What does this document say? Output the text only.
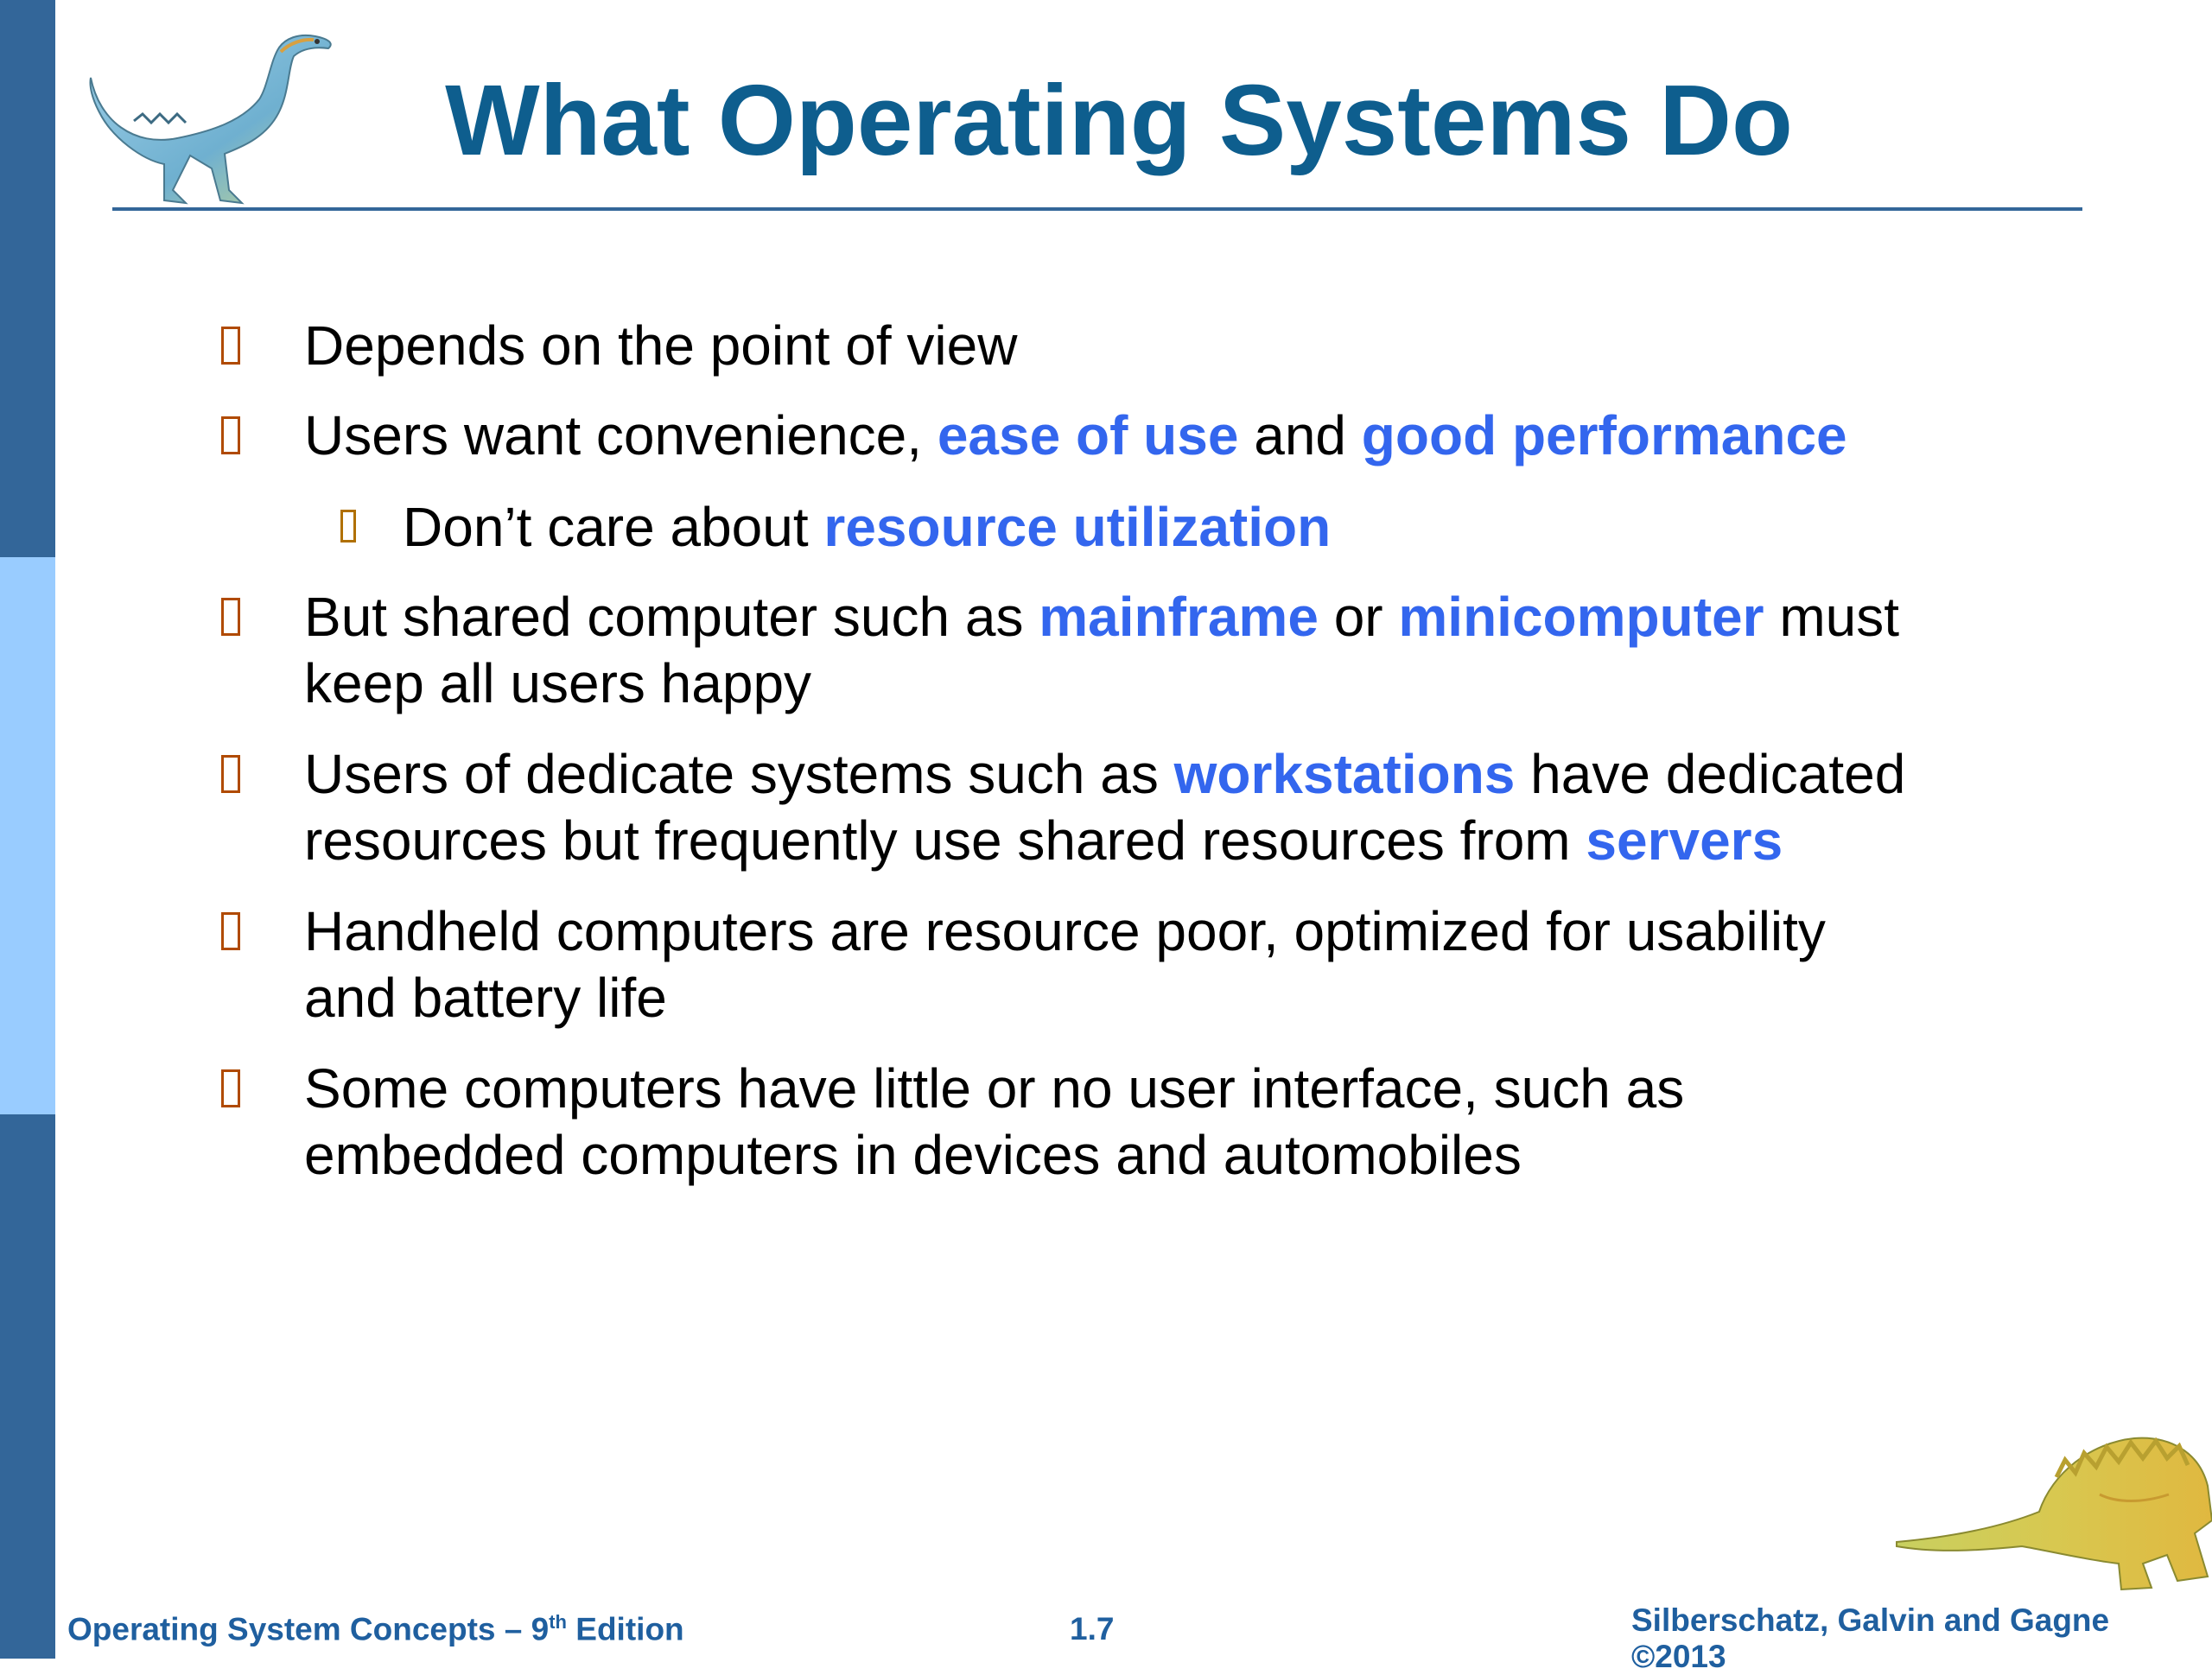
What Operating Systems Do
Depends on the point of view
Users want convenience, ease of use and good performance
Don’t care about resource utilization
But shared computer such as mainframe or minicomputer must
keep all users happy
Users of dedicate systems such as workstations have dedicated
resources but frequently use shared resources from servers
Handheld computers are resource poor, optimized for usability
and battery life
Some computers have little or no user interface, such as
embedded computers in devices and automobiles
Operating System Concepts – 9th Edition	1.7	Silberschatz, Galvin and Gagne ©2013
